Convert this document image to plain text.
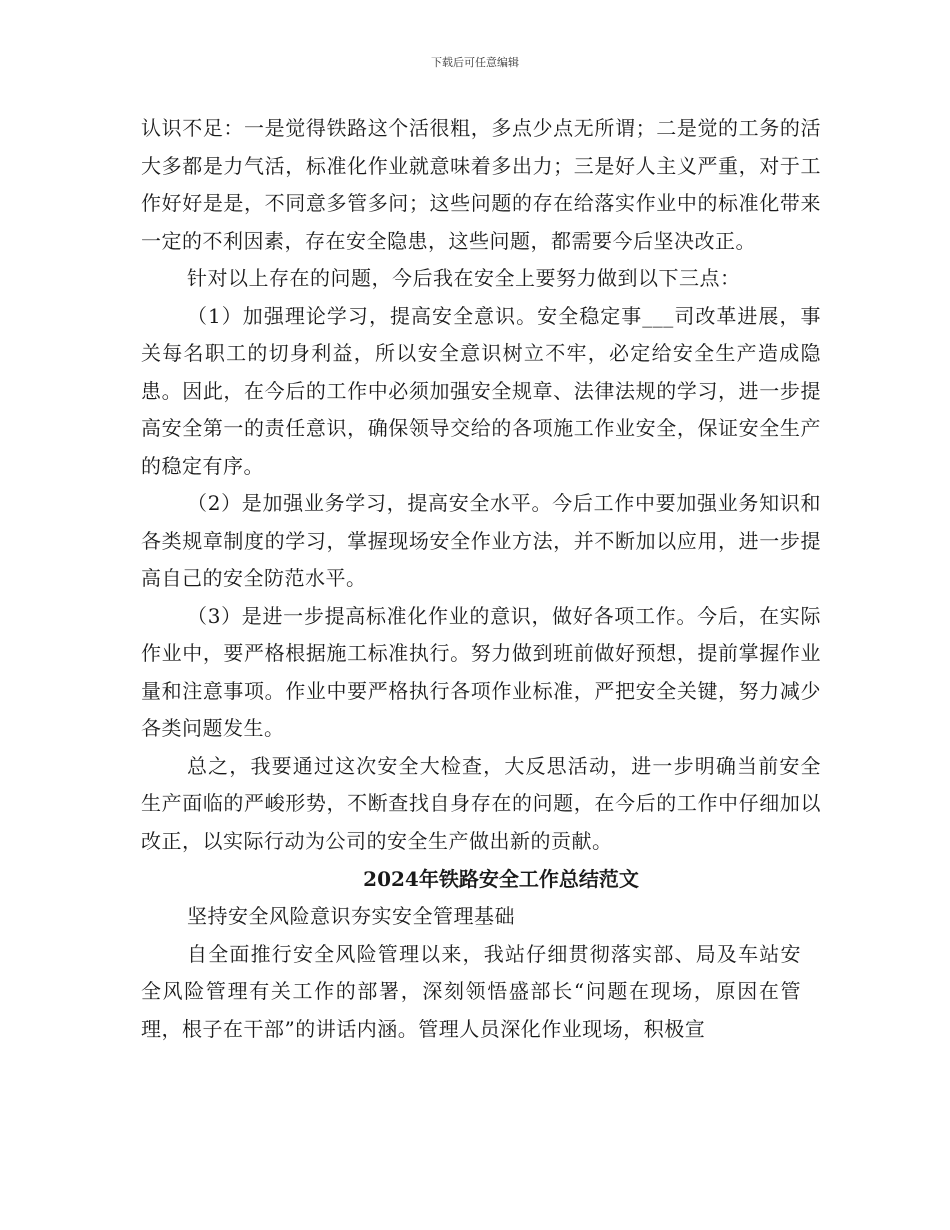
下载后可任意编辑

认识不足：一是觉得铁路这个活很粗，多点少点无所谓；二是觉的工务的活大多都是力气活，标准化作业就意味着多出力；三是好人主义严重，对于工作好好是是，不同意多管多问；这些问题的存在给落实作业中的标准化带来一定的不利因素，存在安全隐患，这些问题，都需要今后坚决改正。

针对以上存在的问题，今后我在安全上要努力做到以下三点：

（1）加强理论学习，提高安全意识。安全稳定事___司改革进展，事关每名职工的切身利益，所以安全意识树立不牢，必定给安全生产造成隐患。因此，在今后的工作中必须加强安全规章、法律法规的学习，进一步提高安全第一的责任意识，确保领导交给的各项施工作业安全，保证安全生产的稳定有序。

（2）是加强业务学习，提高安全水平。今后工作中要加强业务知识和各类规章制度的学习，掌握现场安全作业方法，并不断加以应用，进一步提高自己的安全防范水平。

（3）是进一步提高标准化作业的意识，做好各项工作。今后，在实际作业中，要严格根据施工标准执行。努力做到班前做好预想，提前掌握作业量和注意事项。作业中要严格执行各项作业标准，严把安全关键，努力减少各类问题发生。

总之，我要通过这次安全大检查，大反思活动，进一步明确当前安全生产面临的严峻形势，不断查找自身存在的问题，在今后的工作中仔细加以改正，以实际行动为公司的安全生产做出新的贡献。

2024年铁路安全工作总结范文

坚持安全风险意识夯实安全管理基础

自全面推行安全风险管理以来，我站仔细贯彻落实部、局及车站安全风险管理有关工作的部署，深刻领悟盛部长“问题在现场，原因在管理，根子在干部”的讲话内涵。管理人员深化作业现场，积极宣
